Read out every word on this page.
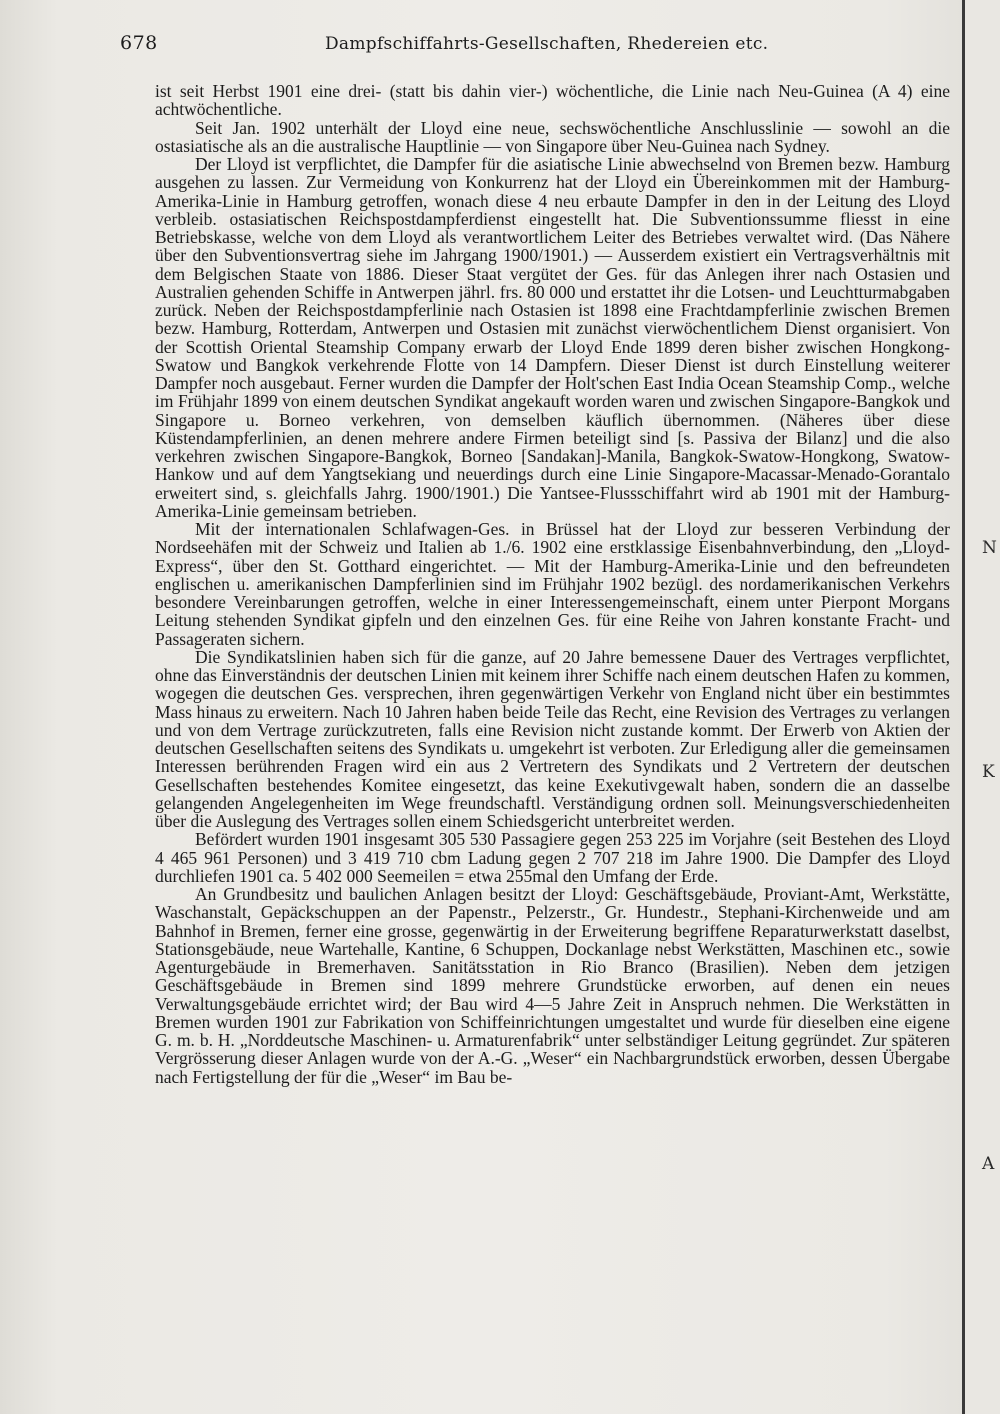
678	Dampfschiffahrts-Gesellschaften, Rhedereien etc.

ist seit Herbst 1901 eine drei- (statt bis dahin vier-) wöchentliche, die Linie nach Neu-Guinea (A 4) eine achtwöchentliche.

Seit Jan. 1902 unterhält der Lloyd eine neue, sechswöchentliche Anschlusslinie — sowohl an die ostasiatische als an die australische Hauptlinie — von Singapore über Neu-Guinea nach Sydney.

Der Lloyd ist verpflichtet, die Dampfer für die asiatische Linie abwechselnd von Bremen bezw. Hamburg ausgehen zu lassen. Zur Vermeidung von Konkurrenz hat der Lloyd ein Übereinkommen mit der Hamburg-Amerika-Linie in Hamburg getroffen, wonach diese 4 neu erbaute Dampfer in den in der Leitung des Lloyd verbleib. ostasiatischen Reichspostdampferdienst eingestellt hat. Die Subventionssumme fliesst in eine Betriebskasse, welche von dem Lloyd als verantwortlichem Leiter des Betriebes verwaltet wird. (Das Nähere über den Subventionsvertrag siehe im Jahrgang 1900/1901.) — Ausserdem existiert ein Vertragsverhältnis mit dem Belgischen Staate von 1886. Dieser Staat vergütet der Ges. für das Anlegen ihrer nach Ostasien und Australien gehenden Schiffe in Antwerpen jährl. frs. 80 000 und erstattet ihr die Lotsen- und Leuchtturmabgaben zurück. Neben der Reichspostdampferlinie nach Ostasien ist 1898 eine Frachtdampferlinie zwischen Bremen bezw. Hamburg, Rotterdam, Antwerpen und Ostasien mit zunächst vierwöchentlichem Dienst organisiert. Von der Scottish Oriental Steamship Company erwarb der Lloyd Ende 1899 deren bisher zwischen Hongkong-Swatow und Bangkok verkehrende Flotte von 14 Dampfern. Dieser Dienst ist durch Einstellung weiterer Dampfer noch ausgebaut. Ferner wurden die Dampfer der Holt'schen East India Ocean Steamship Comp., welche im Frühjahr 1899 von einem deutschen Syndikat angekauft worden waren und zwischen Singapore-Bangkok und Singapore u. Borneo verkehren, von demselben käuflich übernommen. (Näheres über diese Küstendampferlinien, an denen mehrere andere Firmen beteiligt sind [s. Passiva der Bilanz] und die also verkehren zwischen Singapore-Bangkok, Borneo [Sandakan]-Manila, Bangkok-Swatow-Hongkong, Swatow-Hankow und auf dem Yangtsekiang und neuerdings durch eine Linie Singapore-Macassar-Menado-Gorantalo erweitert sind, s. gleichfalls Jahrg. 1900/1901.) Die Yantsee-Flussschiffahrt wird ab 1901 mit der Hamburg-Amerika-Linie gemeinsam betrieben.

Mit der internationalen Schlafwagen-Ges. in Brüssel hat der Lloyd zur besseren Verbindung der Nordseehäfen mit der Schweiz und Italien ab 1./6. 1902 eine erstklassige Eisenbahnverbindung, den „Lloyd-Express“, über den St. Gotthard eingerichtet. — Mit der Hamburg-Amerika-Linie und den befreundeten englischen u. amerikanischen Dampferlinien sind im Frühjahr 1902 bezügl. des nordamerikanischen Verkehrs besondere Vereinbarungen getroffen, welche in einer Interessengemeinschaft, einem unter Pierpont Morgans Leitung stehenden Syndikat gipfeln und den einzelnen Ges. für eine Reihe von Jahren konstante Fracht- und Passageraten sichern.

Die Syndikatslinien haben sich für die ganze, auf 20 Jahre bemessene Dauer des Vertrages verpflichtet, ohne das Einverständnis der deutschen Linien mit keinem ihrer Schiffe nach einem deutschen Hafen zu kommen, wogegen die deutschen Ges. versprechen, ihren gegenwärtigen Verkehr von England nicht über ein bestimmtes Mass hinaus zu erweitern. Nach 10 Jahren haben beide Teile das Recht, eine Revision des Vertrages zu verlangen und von dem Vertrage zurückzutreten, falls eine Revision nicht zustande kommt. Der Erwerb von Aktien der deutschen Gesellschaften seitens des Syndikats u. umgekehrt ist verboten. Zur Erledigung aller die gemeinsamen Interessen berührenden Fragen wird ein aus 2 Vertretern des Syndikats und 2 Vertretern der deutschen Gesellschaften bestehendes Komitee eingesetzt, das keine Exekutivgewalt haben, sondern die an dasselbe gelangenden Angelegenheiten im Wege freundschaftl. Verständigung ordnen soll. Meinungsverschiedenheiten über die Auslegung des Vertrages sollen einem Schiedsgericht unterbreitet werden.

Befördert wurden 1901 insgesamt 305 530 Passagiere gegen 253 225 im Vorjahre (seit Bestehen des Lloyd 4 465 961 Personen) und 3 419 710 cbm Ladung gegen 2 707 218 im Jahre 1900. Die Dampfer des Lloyd durchliefen 1901 ca. 5 402 000 Seemeilen = etwa 255mal den Umfang der Erde.

An Grundbesitz und baulichen Anlagen besitzt der Lloyd: Geschäftsgebäude, Proviant-Amt, Werkstätte, Waschanstalt, Gepäckschuppen an der Papenstr., Pelzerstr., Gr. Hundestr., Stephani-Kirchenweide und am Bahnhof in Bremen, ferner eine grosse, gegenwärtig in der Erweiterung begriffene Reparaturwerkstatt daselbst, Stationsgebäude, neue Wartehalle, Kantine, 6 Schuppen, Dockanlage nebst Werkstätten, Maschinen etc., sowie Agenturgebäude in Bremerhaven. Sanitätsstation in Rio Branco (Brasilien). Neben dem jetzigen Geschäftsgebäude in Bremen sind 1899 mehrere Grundstücke erworben, auf denen ein neues Verwaltungsgebäude errichtet wird; der Bau wird 4—5 Jahre Zeit in Anspruch nehmen. Die Werkstätten in Bremen wurden 1901 zur Fabrikation von Schiffeinrichtungen umgestaltet und wurde für dieselben eine eigene G. m. b. H. „Norddeutsche Maschinen- u. Armaturenfabrik“ unter selbständiger Leitung gegründet. Zur späteren Vergrösserung dieser Anlagen wurde von der A.-G. „Weser“ ein Nachbargrundstück erworben, dessen Übergabe nach Fertigstellung der für die „Weser“ im Bau be-

N
K
A
